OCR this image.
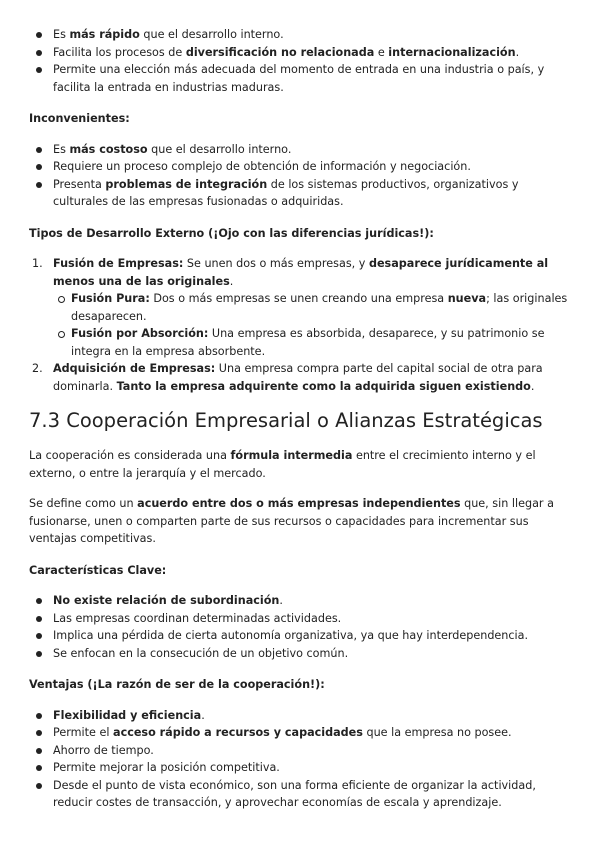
Es más rápido que el desarrollo interno.
Facilita los procesos de diversificación no relacionada e internacionalización.
Permite una elección más adecuada del momento de entrada en una industria o país, y facilita la entrada en industrias maduras.

Inconvenientes:

Es más costoso que el desarrollo interno.
Requiere un proceso complejo de obtención de información y negociación.
Presenta problemas de integración de los sistemas productivos, organizativos y culturales de las empresas fusionadas o adquiridas.

Tipos de Desarrollo Externo (¡Ojo con las diferencias jurídicas!):

1. Fusión de Empresas: Se unen dos o más empresas, y desaparece jurídicamente al menos una de las originales.
Fusión Pura: Dos o más empresas se unen creando una empresa nueva; las originales desaparecen.
Fusión por Absorción: Una empresa es absorbida, desaparece, y su patrimonio se integra en la empresa absorbente.
2. Adquisición de Empresas: Una empresa compra parte del capital social de otra para dominarla. Tanto la empresa adquirente como la adquirida siguen existiendo.
7.3 Cooperación Empresarial o Alianzas Estratégicas

La cooperación es considerada una fórmula intermedia entre el crecimiento interno y el externo, o entre la jerarquía y el mercado.

Se define como un acuerdo entre dos o más empresas independientes que, sin llegar a fusionarse, unen o comparten parte de sus recursos o capacidades para incrementar sus ventajas competitivas.

Características Clave:

No existe relación de subordinación.
Las empresas coordinan determinadas actividades.
Implica una pérdida de cierta autonomía organizativa, ya que hay interdependencia.
Se enfocan en la consecución de un objetivo común.

Ventajas (¡La razón de ser de la cooperación!):

Flexibilidad y eficiencia.
Permite el acceso rápido a recursos y capacidades que la empresa no posee.
Ahorro de tiempo.
Permite mejorar la posición competitiva.
Desde el punto de vista económico, son una forma eficiente de organizar la actividad, reducir costes de transacción, y aprovechar economías de escala y aprendizaje.
